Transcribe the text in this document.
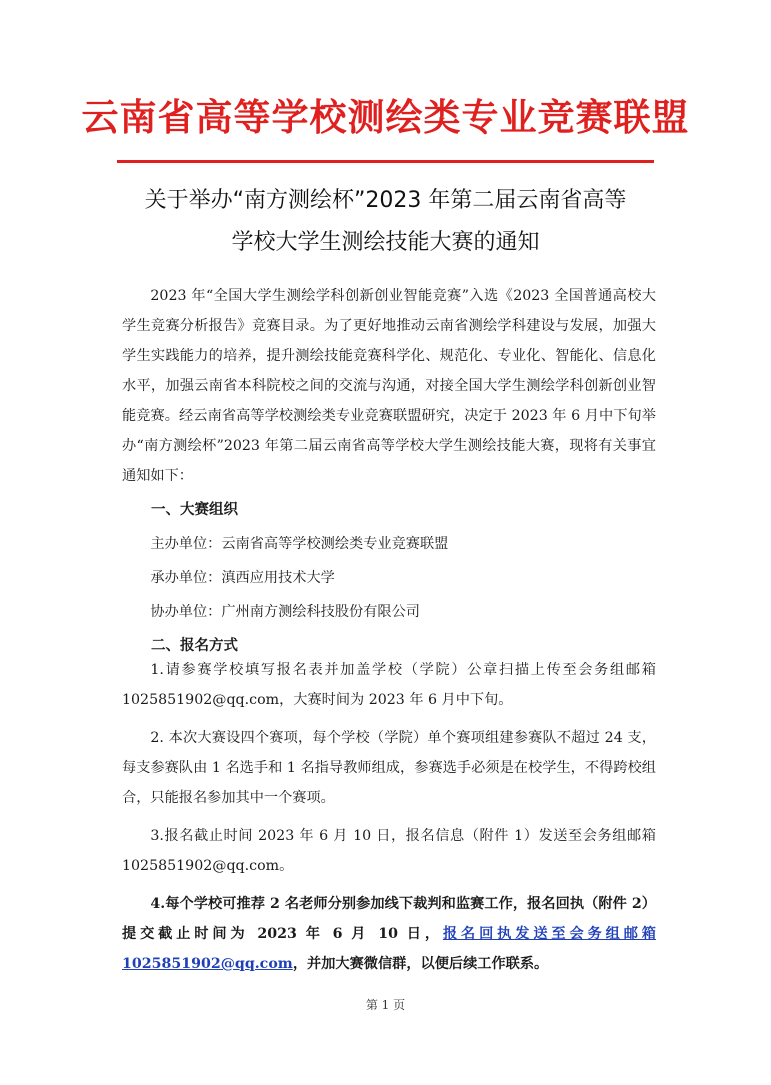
云南省高等学校测绘类专业竞赛联盟
关于举办“南方测绘杯”2023 年第二届云南省高等
学校大学生测绘技能大赛的通知

2023 年“全国大学生测绘学科创新创业智能竞赛”入选《2023 全国普通高校大学生竞赛分析报告》竞赛目录。为了更好地推动云南省测绘学科建设与发展，加强大学生实践能力的培养，提升测绘技能竞赛科学化、规范化、专业化、智能化、信息化水平，加强云南省本科院校之间的交流与沟通，对接全国大学生测绘学科创新创业智能竞赛。经云南省高等学校测绘类专业竞赛联盟研究，决定于 2023 年 6 月中下旬举办“南方测绘杯”2023 年第二届云南省高等学校大学生测绘技能大赛，现将有关事宜通知如下：

一、大赛组织

主办单位：云南省高等学校测绘类专业竞赛联盟

承办单位：滇西应用技术大学

协办单位：广州南方测绘科技股份有限公司

二、报名方式

1.请参赛学校填写报名表并加盖学校（学院）公章扫描上传至会务组邮箱 1025851902@qq.com，大赛时间为 2023 年 6 月中下旬。

2. 本次大赛设四个赛项，每个学校（学院）单个赛项组建参赛队不超过 24 支，每支参赛队由 1 名选手和 1 名指导教师组成，参赛选手必须是在校学生，不得跨校组合，只能报名参加其中一个赛项。

3.报名截止时间 2023 年 6 月 10 日，报名信息（附件 1）发送至会务组邮箱 1025851902@qq.com。

4.每个学校可推荐 2 名老师分别参加线下裁判和监赛工作，报名回执（附件 2）提交截止时间为 2023 年 6 月 10 日，报名回执发送至会务组邮箱 1025851902@qq.com，并加大赛微信群，以便后续工作联系。

第 1 页
